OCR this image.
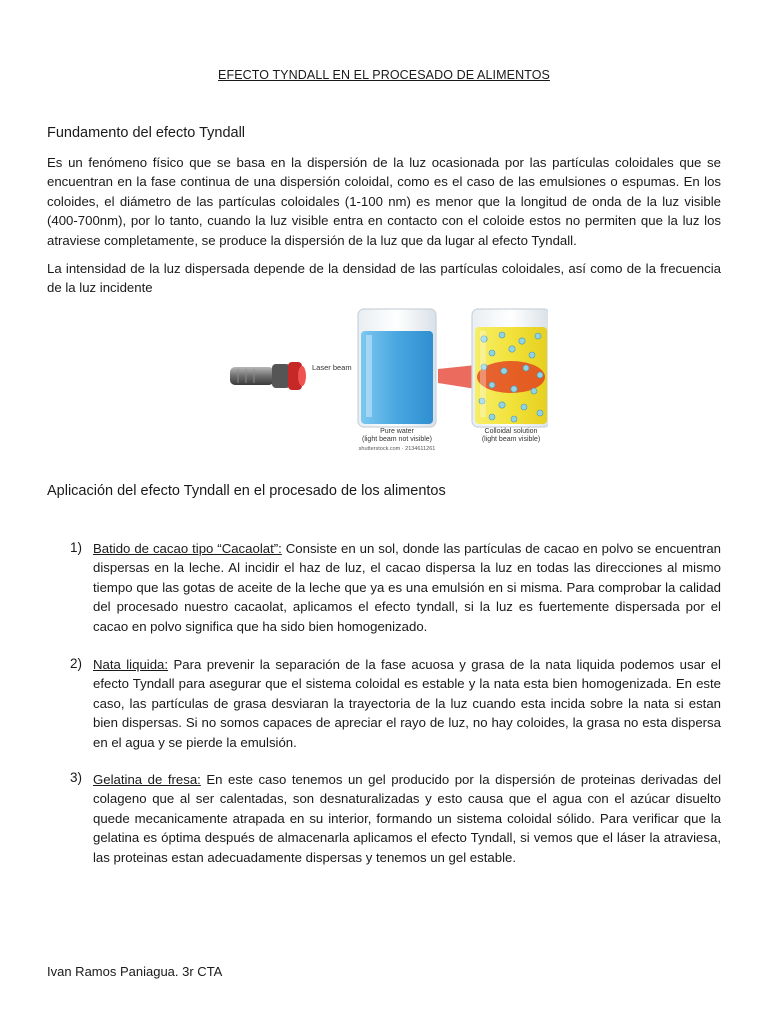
EFECTO TYNDALL EN EL PROCESADO DE ALIMENTOS
Fundamento del efecto Tyndall

Es un fenómeno físico que se basa en la dispersión de la luz ocasionada por las partículas coloidales que se encuentran en la fase continua de una dispersión coloidal, como es el caso de las emulsiones o espumas. En los coloides, el diámetro de las partículas coloidales (1-100 nm) es menor que la longitud de onda de la luz visible (400-700nm), por lo tanto, cuando la luz visible entra en contacto con el coloide estos no permiten que la luz los atraviese completamente, se produce la dispersión de la luz que da lugar al efecto Tyndall.

La intensidad de la luz dispersada depende de la densidad de las partículas coloidales, así como de la frecuencia de la luz incidente

Laser beam
Pure water
(light beam not visible)
Colloidal solution
(light beam visible)
shutterstock.com · 2134611261
Aplicación del efecto Tyndall en el procesado de los alimentos
1) Batido de cacao tipo “Cacaolat”: Consiste en un sol, donde las partículas de cacao en polvo se encuentran dispersas en la leche. Al incidir el haz de luz, el cacao dispersa la luz en todas las direcciones al mismo tiempo que las gotas de aceite de la leche que ya es una emulsión en si misma. Para comprobar la calidad del procesado nuestro cacaolat, aplicamos el efecto tyndall, si la luz es fuertemente dispersada por el cacao en polvo significa que ha sido bien homogenizado.

2) Nata liquida: Para prevenir la separación de la fase acuosa y grasa de la nata liquida podemos usar el efecto Tyndall para asegurar que el sistema coloidal es estable y la nata esta bien homogenizada. En este caso, las partículas de grasa desviaran la trayectoria de la luz cuando esta incida sobre la nata si estan bien dispersas. Si no somos capaces de apreciar el rayo de luz, no hay coloides, la grasa no esta dispersa en el agua y se pierde la emulsión.

3) Gelatina de fresa: En este caso tenemos un gel producido por la dispersión de proteinas derivadas del colageno que al ser calentadas, son desnaturalizadas y esto causa que el agua con el azúcar disuelto quede mecanicamente atrapada en su interior, formando un sistema coloidal sólido. Para verificar que la gelatina es óptima después de almacenarla aplicamos el efecto Tyndall, si vemos que el láser la atraviesa, las proteinas estan adecuadamente dispersas y tenemos un gel estable.

Ivan Ramos Paniagua. 3r CTA
